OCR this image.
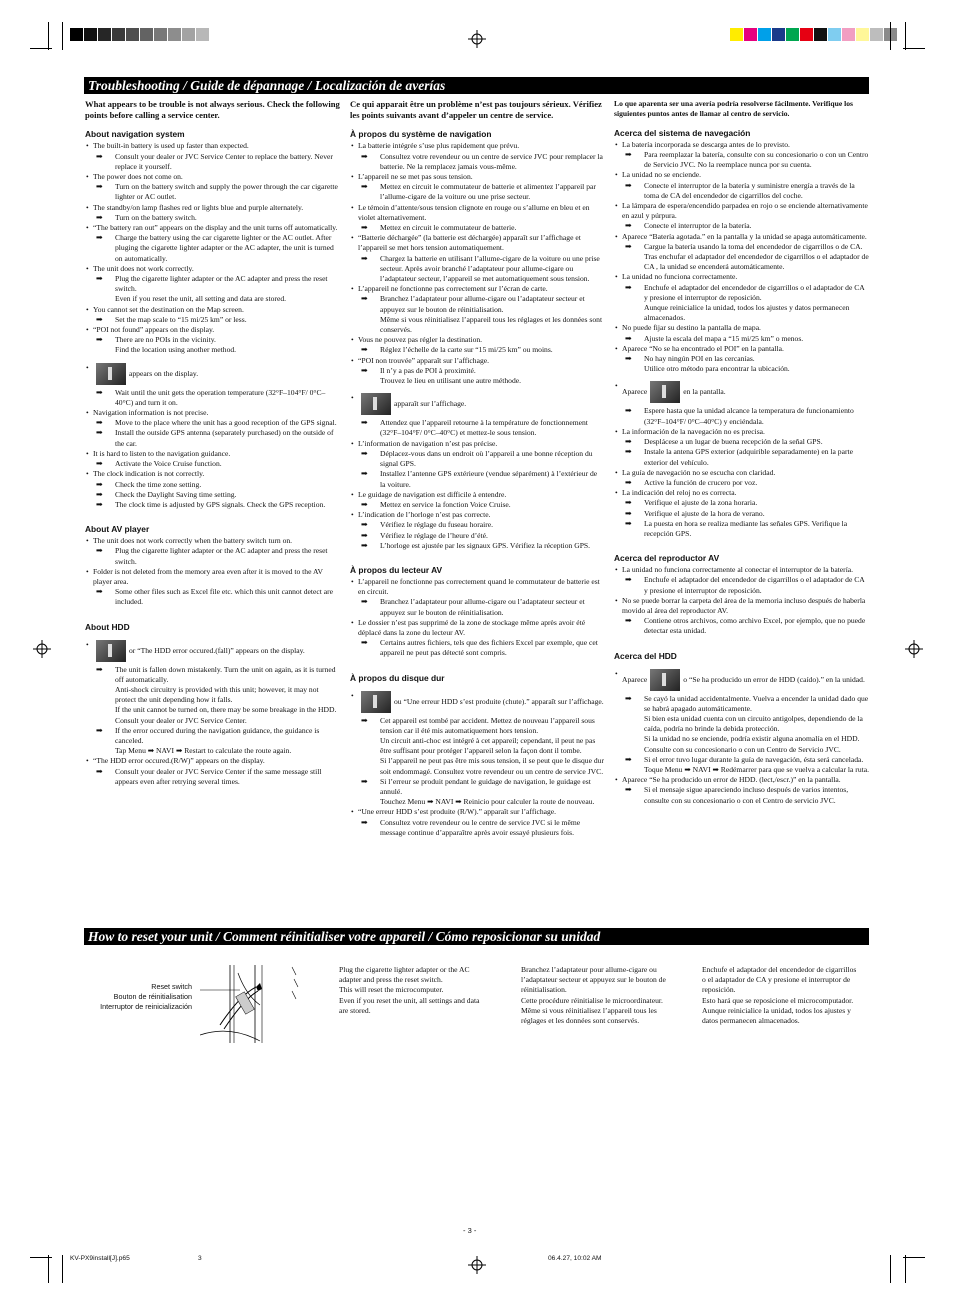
Troubleshooting / Guide de dépannage / Localización de averías
What appears to be trouble is not always serious. Check the following points before calling a service center.
About navigation system
• The built-in battery is used up faster than expected.
➡ Consult your dealer or JVC Service Center to replace the battery. Never replace it yourself.
• The power does not come on.
➡ Turn on the battery switch and supply the power through the car cigarette lighter or AC outlet.
• The standby/on lamp flashes red or lights blue and purple alternately.
➡ Turn on the battery switch.
• “The battery ran out” appears on the display and the unit turns off automatically.
➡ Charge the battery using the car cigarette lighter or the AC outlet. After pluging the cigarette lighter adapter or the AC adapter, the unit is turned on automatically.
• The unit does not work correctly.
➡ Plug the cigarette lighter adapter or the AC adapter and press the reset switch.
Even if you reset the unit, all setting and data are stored.
• You cannot set the destination on the Map screen.
➡ Set the map scale to “15 mi/25 km” or less.
• “POI not found” appears on the display.
➡ There are no POIs in the vicinity.
Find the location using another method.
• appears on the display.
➡ Wait until the unit gets the operation temperature (32°F–104°F/ 0°C–40°C) and turn it on.
• Navigation information is not precise.
➡ Move to the place where the unit has a good reception of the GPS signal.
➡ Install the outside GPS antenna (separately purchased) on the outside of the car.
• It is hard to listen to the navigation guidance.
➡ Activate the Voice Cruise function.
• The clock indication is not correctly.
➡ Check the time zone setting.
➡ Check the Daylight Saving time setting.
➡ The clock time is adjusted by GPS signals. Check the GPS reception.
About AV player
• The unit does not work correctly when the battery switch turn on.
➡ Plug the cigarette lighter adapter or the AC adapter and press the reset switch.
• Folder is not deleted from the memory area even after it is moved to the AV player area.
➡ Some other files such as Excel file etc. which this unit cannot detect are included.
About HDD
• or “The HDD error occured.(fall)” appears on the display.
➡ The unit is fallen down mistakenly. Turn the unit on again, as it is turned off automatically.
Anti-shock circuitry is provided with this unit; however, it may not protect the unit depending how it falls.
If the unit cannot be turned on, there may be some breakage in the HDD. Consult your dealer or JVC Service Center.
➡ If the error occured during the navigation guidance, the guidance is canceled.
Tap Menu ➡ NAVI ➡ Restart to calculate the route again.
• “The HDD error occured.(R/W)” appears on the display.
➡ Consult your dealer or JVC Service Center if the same message still appears even after retrying several times.
Ce qui apparait être un problème n’est pas toujours sérieux. Vérifiez les points suivants avant d’appeler un centre de service.
À propos du système de navigation
• La batterie intégrée s’use plus rapidement que prévu.
➡ Consultez votre revendeur ou un centre de service JVC pour remplacer la batterie. Ne la remplacez jamais vous-même.
• L’appareil ne se met pas sous tension.
➡ Mettez en circuit le commutateur de batterie et alimentez l’appareil par l’allume-cigare de la voiture ou une prise secteur.
• Le témoin d’attente/sous tension clignote en rouge ou s’allume en bleu et en violet alternativement.
➡ Mettez en circuit le commutateur de batterie.
• “Batterie déchargée” (la batterie est déchargée) apparaît sur l’affichage et l’appareil se met hors tension automatiquement.
➡ Chargez la batterie en utilisant l’allume-cigare de la voiture ou une prise secteur. Après avoir branché l’adaptateur pour allume-cigare ou l’adaptateur secteur, l’appareil se met automatiquement sous tension.
• L’appareil ne fonctionne pas correctement sur l’écran de carte.
➡ Branchez l’adaptateur pour allume-cigare ou l’adaptateur secteur et appuyez sur le bouton de réinitialisation.
Même si vous réinitialisez l’appareil tous les réglages et les données sont conservés.
• Vous ne pouvez pas régler la destination.
➡ Réglez l’échelle de la carte sur “15 mi/25 km” ou moins.
• “POI non trouvée” apparaît sur l’affichage.
➡ Il n’y a pas de POI à proximité.
Trouvez le lieu en utilisant une autre méthode.
• apparaît sur l’affichage.
➡ Attendez que l’appareil retourne à la température de fonctionnement (32°F–104°F/ 0°C–40°C) et mettez-le sous tension.
• L’information de navigation n’est pas précise.
➡ Déplacez-vous dans un endroit où l’appareil a une bonne réception du signal GPS.
➡ Installez l’antenne GPS extérieure (vendue séparément) à l’extérieur de la voiture.
• Le guidage de navigation est difficile à entendre.
➡ Mettez en service la fonction Voice Cruise.
• L’indication de l’horloge n’est pas correcte.
➡ Vérifiez le réglage du fuseau horaire.
➡ Vérifiez le réglage de l’heure d’été.
➡ L’horloge est ajustée par les signaux GPS. Vérifiez la réception GPS.
À propos du lecteur AV
• L’appareil ne fonctionne pas correctement quand le commutateur de batterie est en circuit.
➡ Branchez l’adaptateur pour allume-cigare ou l’adaptateur secteur et appuyez sur le bouton de réinitialisation.
• Le dossier n’est pas supprimé de la zone de stockage même après avoir été déplacé dans la zone du lecteur AV.
➡ Certains autres fichiers, tels que des fichiers Excel par exemple, que cet appareil ne peut pas détecté sont compris.
À propos du disque dur
• ou “Une erreur HDD s’est produite (chute).” apparaît sur l’affichage.
➡ Cet appareil est tombé par accident. Mettez de nouveau l’appareil sous tension car il été mis automatiquement hors tension.
Un circuit anti-choc est intégré à cet appareil; cependant, il peut ne pas être suffisant pour protéger l’appareil selon la façon dont il tombe.
Si l’appareil ne peut pas être mis sous tension, il se peut que le disque dur soit endommagé. Consultez votre revendeur ou un centre de service JVC.
➡ Si l’erreur se produit pendant le guidage de navigation, le guidage est annulé.
Touchez Menu ➡ NAVI ➡ Reinicio pour calculer la route de nouveau.
• “Une erreur HDD s’est produite (R/W).” apparaît sur l’affichage.
➡ Consultez votre revendeur ou le centre de service JVC si le même message continue d’apparaître après avoir essayé plusieurs fois.
Lo que aparenta ser una avería podría resolverse fácilmente. Verifique los siguientes puntos antes de llamar al centro de servicio.
Acerca del sistema de navegación
• La batería incorporada se descarga antes de lo previsto.
➡ Para reemplazar la batería, consulte con su concesionario o con un Centro de Servicio JVC. No la reemplace nunca por su cuenta.
• La unidad no se enciende.
➡ Conecte el interruptor de la batería y suministre energía a través de la toma de CA del encendedor de cigarrillos del coche.
• La lámpara de espera/encendido parpadea en rojo o se enciende alternativamente en azul y púrpura.
➡ Conecte el interruptor de la batería.
• Aparece “Batería agotada.” en la pantalla y la unidad se apaga automáticamente.
➡ Cargue la batería usando la toma del encendedor de cigarrillos o de CA. Tras enchufar el adaptador del encendedor de cigarrillos o el adaptador de CA , la unidad se encenderá automáticamente.
• La unidad no funciona correctamente.
➡ Enchufe el adaptador del encendedor de cigarrillos o el adaptador de CA y presione el interruptor de reposición.
Aunque reinicialice la unidad, todos los ajustes y datos permanecen almacenados.
• No puede fijar su destino la pantalla de mapa.
➡ Ajuste la escala del mapa a “15 mi/25 km” o menos.
• Aparece “No se ha encontrado el POI” en la pantalla.
➡ No hay ningún POI en las cercanías.
Utilice otro método para encontrar la ubicación.
• Aparece	en la pantalla.
➡ Espere hasta que la unidad alcance la temperatura de funcionamiento (32°F–104°F/ 0°C–40°C) y enciéndala.
• La información de la navegación no es precisa.
➡ Desplácese a un lugar de buena recepción de la señal GPS.
➡ Instale la antena GPS exterior (adquirible separadamente) en la parte exterior del vehículo.
• La guía de navegación no se escucha con claridad.
➡ Active la función de crucero por voz.
• La indicación del reloj no es correcta.
➡ Verifique el ajuste de la zona horaria.
➡ Verifique el ajuste de la hora de verano.
➡ La puesta en hora se realiza mediante las señales GPS. Verifique la recepción GPS.
Acerca del reproductor AV
• La unidad no funciona correctamente al conectar el interruptor de la batería.
➡ Enchufe el adaptador del encendedor de cigarrillos o el adaptador de CA y presione el interruptor de reposición.
• No se puede borrar la carpeta del área de la memoria incluso después de haberla movido al área del reproductor AV.
➡ Contiene otros archivos, como archivo Excel, por ejemplo, que no puede detectar esta unidad.
Acerca del HDD
• Aparece	o “Se ha producido un error de HDD (caído).” en la unidad.
➡ Se cayó la unidad accidentalmente. Vuelva a encender la unidad dado que se habrá apagado automáticamente.
Si bien esta unidad cuenta con un circuito antigolpes, dependiendo de la caída, podría no brinde la debida protección.
Si la unidad no se enciende, podría existir alguna anomalía en el HDD. Consulte con su concesionario o con un Centro de Servicio JVC.
➡ Si el error tuvo lugar durante la guía de navegación, ésta será cancelada.
Toque Menu ➡ NAVI ➡ Redémarrer para que se vuelva a calcular la ruta.
• Aparece “Se ha producido un error de HDD. (lect,/escr.)” en la pantalla.
➡ Si el mensaje sigue apareciendo incluso después de varios intentos, consulte con su concesionario o con el Centro de servicio JVC.
How to reset your unit / Comment réinitialiser votre appareil / Cómo reposicionar su unidad
Reset switch
Bouton de réinitialisation
Interruptor de reinicialización
Plug the cigarette lighter adapter or the AC adapter and press the reset switch.
This will reset the microcomputer.
Even if you reset the unit, all settings and data are stored.
Branchez l’adaptateur pour allume-cigare ou l’adaptateur secteur et appuyez sur le bouton de réinitialisation.
Cette procédure réinitialise le microordinateur. Même si vous réinitialisez l’appareil tous les réglages et les données sont conservés.
Enchufe el adaptador del encendedor de cigarrillos o el adaptador de CA y presione el interruptor de reposición.
Esto hará que se reposicione el microcomputador.
Aunque reinicialice la unidad, todos los ajustes y datos permanecen almacenados.
- 3 -
KV-PX9install[J].p65	3	06.4.27, 10:02 AM
